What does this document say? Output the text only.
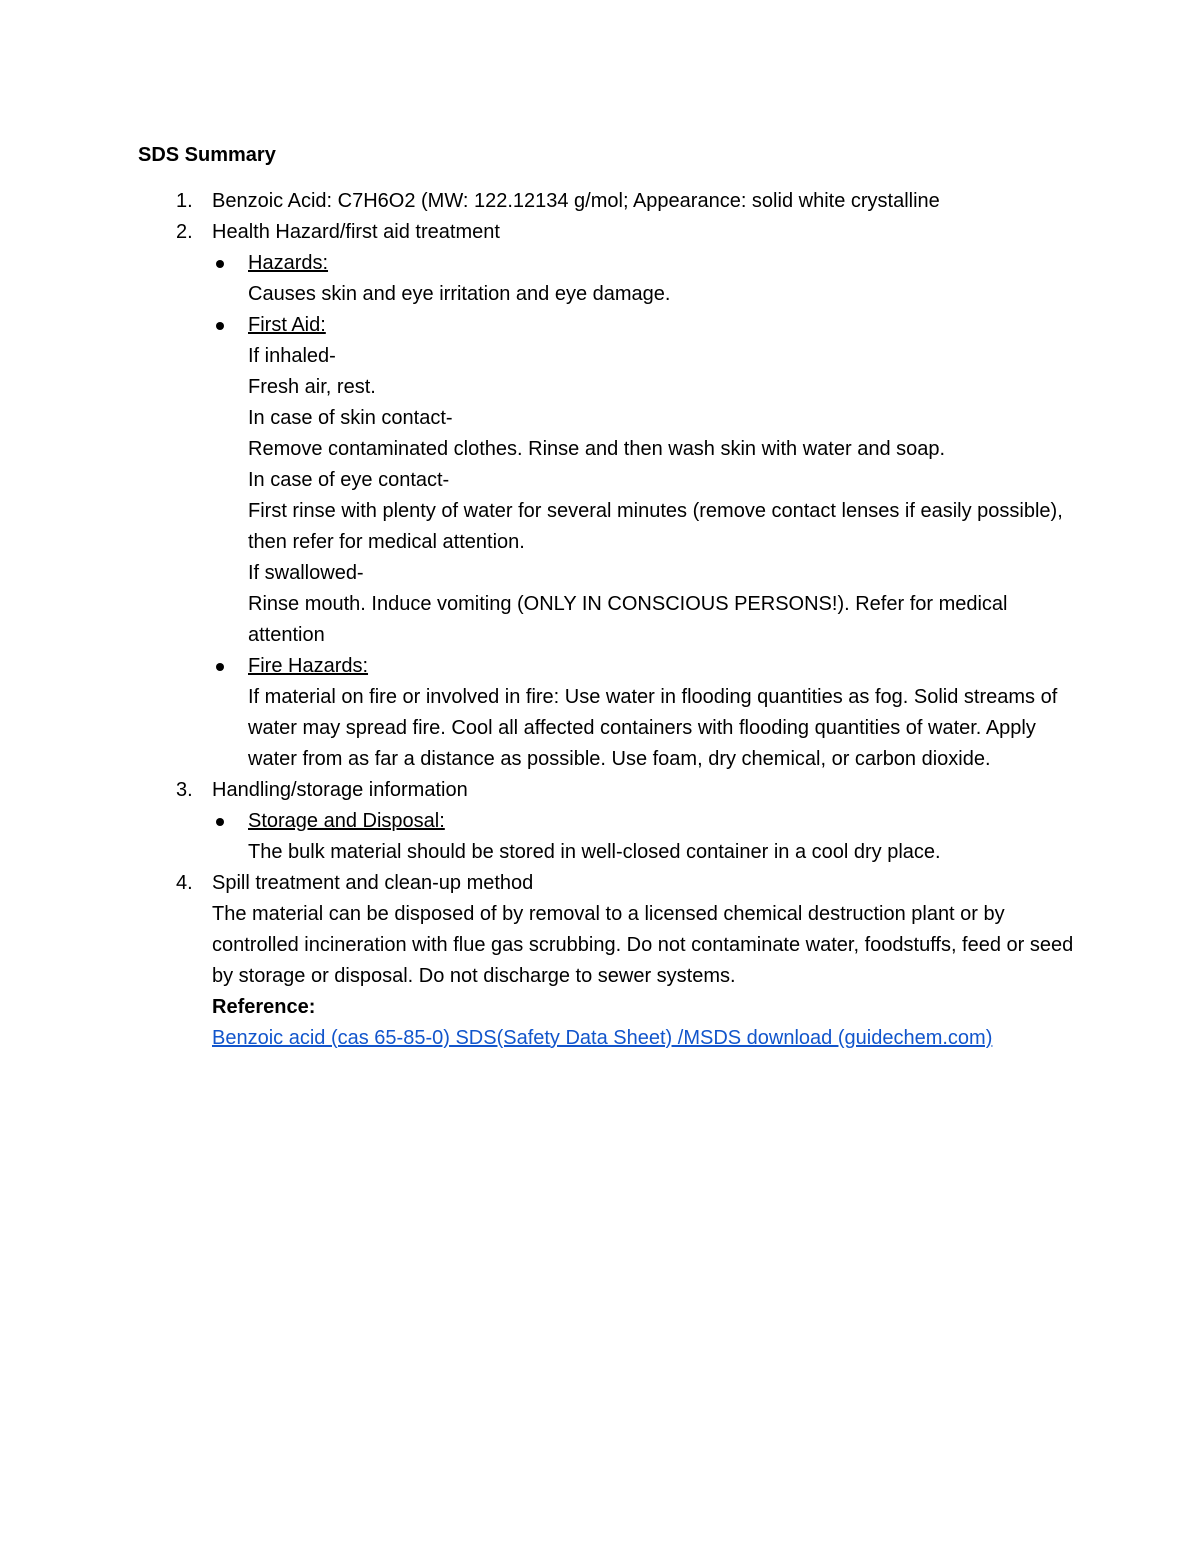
SDS Summary
1. Benzoic Acid: C7H6O2 (MW: 122.12134 g/mol; Appearance: solid white crystalline
2. Health Hazard/first aid treatment
Hazards:
Causes skin and eye irritation and eye damage.
First Aid:
If inhaled-
Fresh air, rest.
In case of skin contact-
Remove contaminated clothes. Rinse and then wash skin with water and soap.
In case of eye contact-
First rinse with plenty of water for several minutes (remove contact lenses if easily possible), then refer for medical attention.
If swallowed-
Rinse mouth. Induce vomiting (ONLY IN CONSCIOUS PERSONS!). Refer for medical attention
Fire Hazards:
If material on fire or involved in fire: Use water in flooding quantities as fog. Solid streams of water may spread fire. Cool all affected containers with flooding quantities of water. Apply water from as far a distance as possible. Use foam, dry chemical, or carbon dioxide.
3. Handling/storage information
Storage and Disposal:
The bulk material should be stored in well-closed container in a cool dry place.
4. Spill treatment and clean-up method
The material can be disposed of by removal to a licensed chemical destruction plant or by controlled incineration with flue gas scrubbing. Do not contaminate water, foodstuffs, feed or seed by storage or disposal. Do not discharge to sewer systems.
Reference:
Benzoic acid (cas 65-85-0) SDS(Safety Data Sheet) /MSDS download (guidechem.com)
